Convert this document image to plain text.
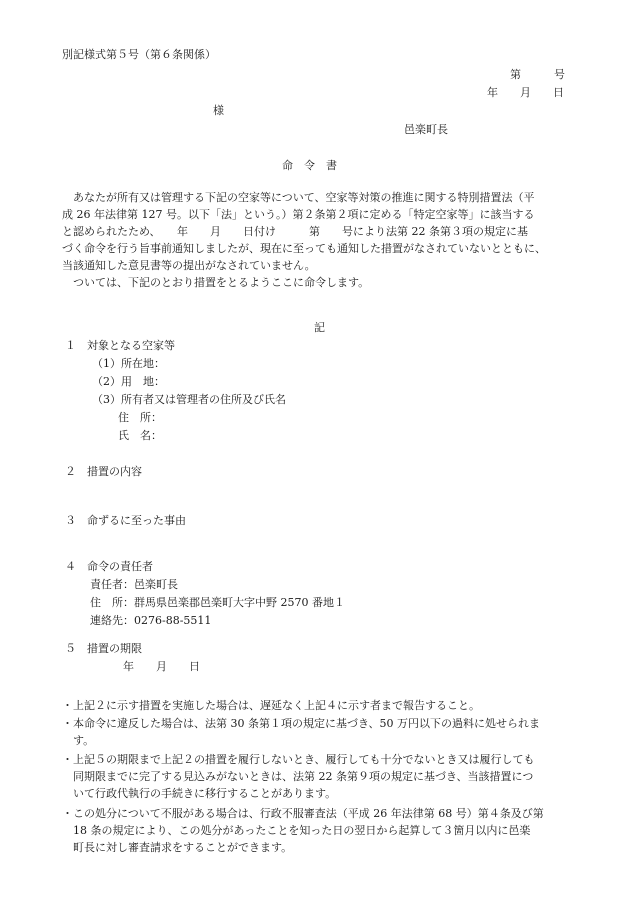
別記様式第５号（第６条関係）
第　　　号
年　　月　　日
様
邑楽町長
命　令　書
　あなたが所有又は管理する下記の空家等について、空家等対策の推進に関する特別措置法（平
成 26 年法律第 127 号。以下「法」という。）第２条第２項に定める「特定空家等」に該当する
と認められたため、　　年　　月　　日付け　　　第　　号により法第 22 条第３項の規定に基
づく命令を行う旨事前通知しましたが、現在に至っても通知した措置がなされていないとともに、
当該通知した意見書等の提出がなされていません。
　ついては、下記のとおり措置をとるようここに命令します。
記
１　対象となる空家等
（1）所在地：
（2）用　地：
（3）所有者又は管理者の住所及び氏名
住　所：
氏　名：
２　措置の内容
３　命ずるに至った事由
４　命令の責任者
責任者：邑楽町長
住　所：群馬県邑楽郡邑楽町大字中野 2570 番地１
連絡先：0276-88-5511
５　措置の期限
年　　月　　日
・上記２に示す措置を実施した場合は、遅延なく上記４に示す者まで報告すること。
・本命令に違反した場合は、法第 30 条第１項の規定に基づき、50 万円以下の過料に処せられま
　す。
・上記５の期限まで上記２の措置を履行しないとき、履行しても十分でないとき又は履行しても
　同期限までに完了する見込みがないときは、法第 22 条第９項の規定に基づき、当該措置につ
　いて行政代執行の手続きに移行することがあります。
・この処分について不服がある場合は、行政不服審査法（平成 26 年法律第 68 号）第４条及び第
　18 条の規定により、この処分があったことを知った日の翌日から起算して３箇月以内に邑楽
　町長に対し審査請求をすることができます。
